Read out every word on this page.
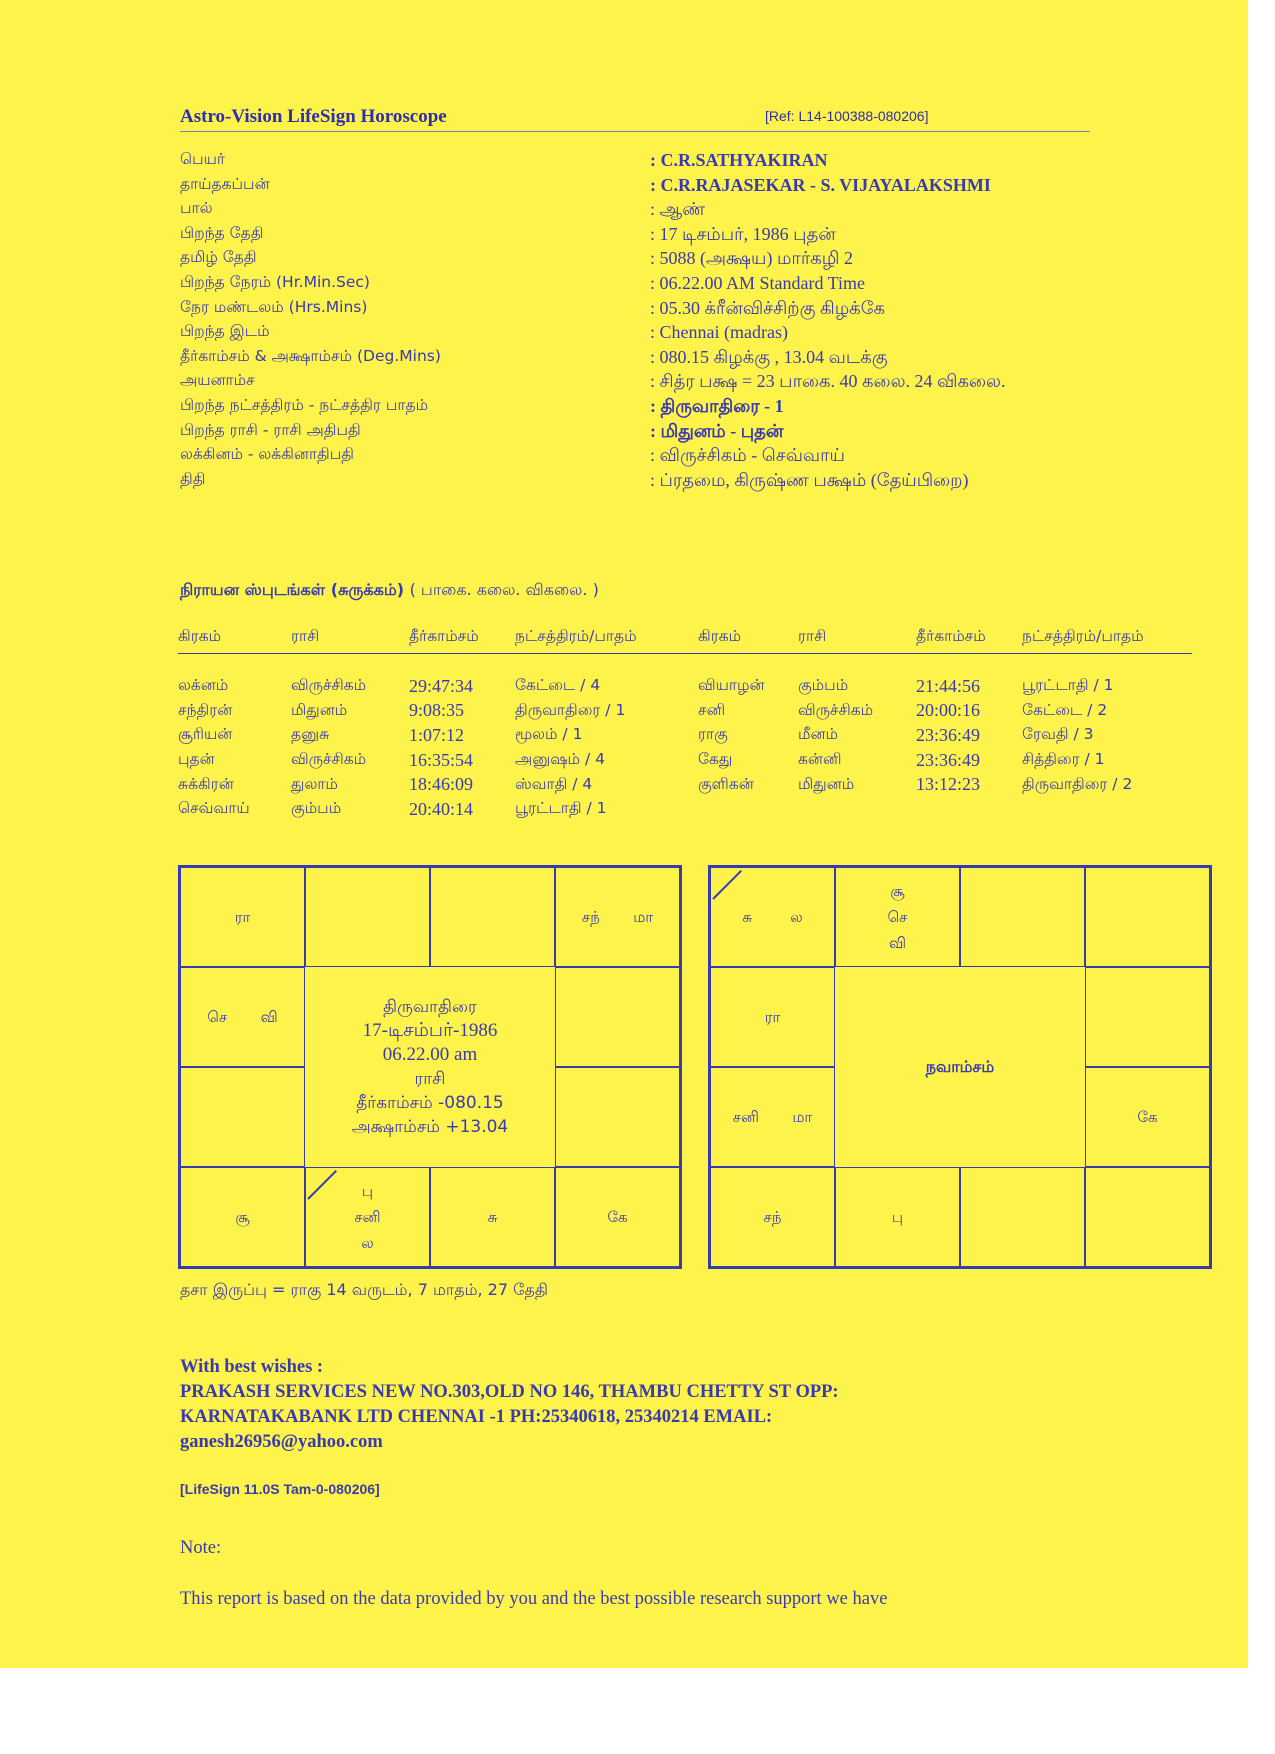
Astro-Vision LifeSign Horoscope	[Ref: L14-100388-080206]
பெயர்	: C.R.SATHYAKIRAN
தாய்தகப்பன்	: C.R.RAJASEKAR - S. VIJAYALAKSHMI
பால்	: ஆண்
பிறந்த தேதி	: 17 டிசம்பர், 1986 புதன்
தமிழ் தேதி	: 5088 (அக்ஷய) மார்கழி 2
பிறந்த நேரம் (Hr.Min.Sec)	: 06.22.00 AM Standard Time
நேர மண்டலம் (Hrs.Mins)	: 05.30 க்ரீன்விச்சிற்கு கிழக்கே
பிறந்த இடம்	: Chennai (madras)
தீர்காம்சம் & அக்ஷாம்சம் (Deg.Mins)	: 080.15 கிழக்கு , 13.04 வடக்கு
அயனாம்ச	: சித்ர பக்ஷ = 23 பாகை. 40 கலை. 24 விகலை.
பிறந்த நட்சத்திரம் - நட்சத்திர பாதம்	: திருவாதிரை - 1
பிறந்த ராசி - ராசி அதிபதி	: மிதுனம் - புதன்
லக்கினம் - லக்கினாதிபதி	: விருச்சிகம் - செவ்வாய்
திதி	: ப்ரதமை, கிருஷ்ண பக்ஷம் (தேய்பிறை)
நிராயன ஸ்புடங்கள் (சுருக்கம்) ( பாகை. கலை. விகலை. )
கிரகம்	ராசி	தீர்காம்சம்	நட்சத்திரம்/பாதம்	கிரகம்	ராசி	தீர்காம்சம்	நட்சத்திரம்/பாதம்

லக்னம்	விருச்சிகம்	29:47:34	கேட்டை / 4	வியாழன்	கும்பம்	21:44:56	பூரட்டாதி / 1
சந்திரன்	மிதுனம்	9:08:35	திருவாதிரை / 1	சனி	விருச்சிகம்	20:00:16	கேட்டை / 2
சூரியன்	தனுசு	1:07:12	மூலம் / 1	ராகு	மீனம்	23:36:49	ரேவதி / 3
புதன்	விருச்சிகம்	16:35:54	அனுஷம் / 4	கேது	கன்னி	23:36:49	சித்திரை / 1
சுக்கிரன்	துலாம்	18:46:09	ஸ்வாதி / 4	குளிகன்	மிதுனம்	13:12:23	திருவாதிரை / 2
செவ்வாய்	கும்பம்	20:40:14	பூரட்டாதி / 1				
ரா	சந்       மா
செ       வி
சூ
பு
சனி
ல
சு	கே
திருவாதிரை
17-டிசம்பர்-1986
06.22.00 am
ராசி
தீர்காம்சம் -080.15
அக்ஷாம்சம் +13.04
சு        ல
சூ
செ
வி
ரா
சனி       மா	கே
சந்	பு
நவாம்சம்
தசா இருப்பு = ராகு 14 வருடம், 7 மாதம், 27 தேதி
With best wishes :
PRAKASH SERVICES NEW NO.303,OLD NO 146, THAMBU CHETTY ST OPP:
KARNATAKABANK LTD CHENNAI -1 PH:25340618, 25340214 EMAIL:
ganesh26956@yahoo.com
[LifeSign 11.0S Tam-0-080206]
Note:
This report is based on the data provided by you and the best possible research support we have
